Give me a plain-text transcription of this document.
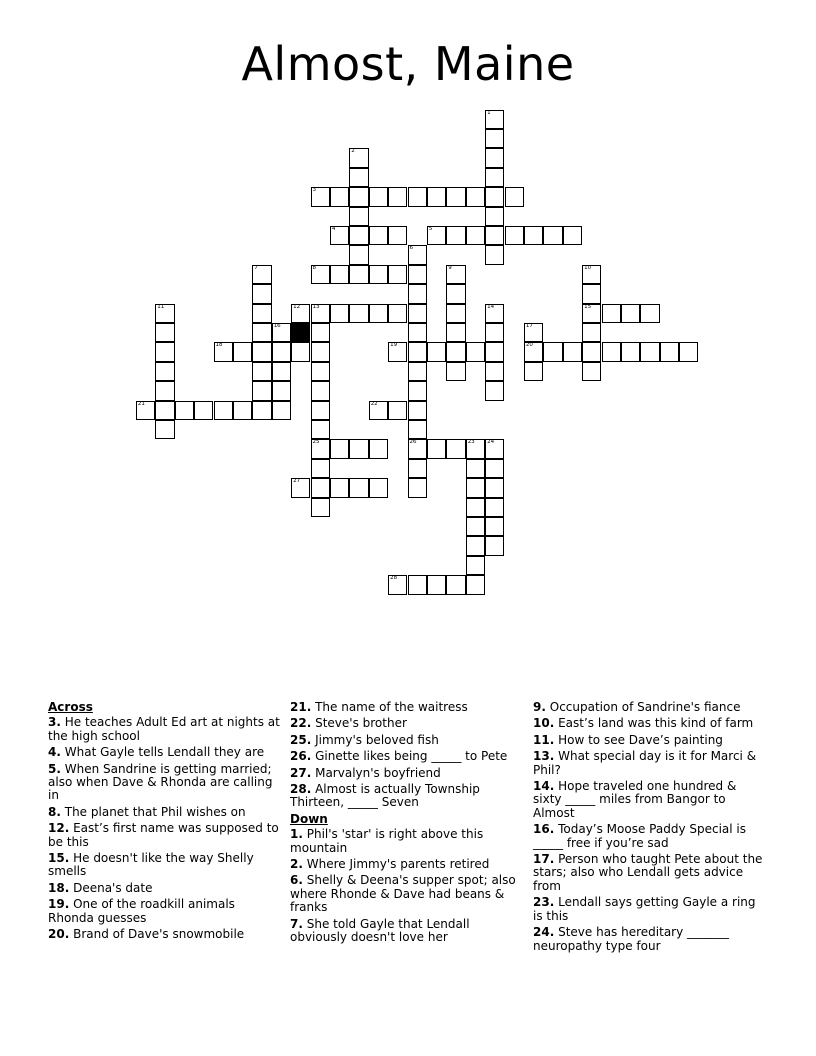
Almost, Maine
1
2
3
4	5
6
7	8	9	10
11	12 13	14	15
16	17
18	19	20
21	22
23 24
25	26
27
28
Across
3. He teaches Adult Ed art at nights at the high school
4. What Gayle tells Lendall they are
5. When Sandrine is getting married; also when Dave & Rhonda are calling in
8. The planet that Phil wishes on
12. East’s first name was supposed to be this
15. He doesn't like the way Shelly smells
18. Deena's date
19. One of the roadkill animals Rhonda guesses
20. Brand of Dave's snowmobile
21. The name of the waitress
22. Steve's brother
25. Jimmy's beloved fish
26. Ginette likes being _____ to Pete
27. Marvalyn's boyfriend
28. Almost is actually Township Thirteen, _____ Seven
Down
1. Phil's 'star' is right above this mountain
2. Where Jimmy's parents retired
6. Shelly & Deena's supper spot; also where Rhonde & Dave had beans & franks
7. She told Gayle that Lendall obviously doesn't love her
9. Occupation of Sandrine's fiance
10. East’s land was this kind of farm
11. How to see Dave’s painting
13. What special day is it for Marci & Phil?
14. Hope traveled one hundred & sixty _____ miles from Bangor to Almost
16. Today’s Moose Paddy Special is _____ free if you’re sad
17. Person who taught Pete about the stars; also who Lendall gets advice from
23. Lendall says getting Gayle a ring is this
24. Steve has hereditary _______ neuropathy type four
